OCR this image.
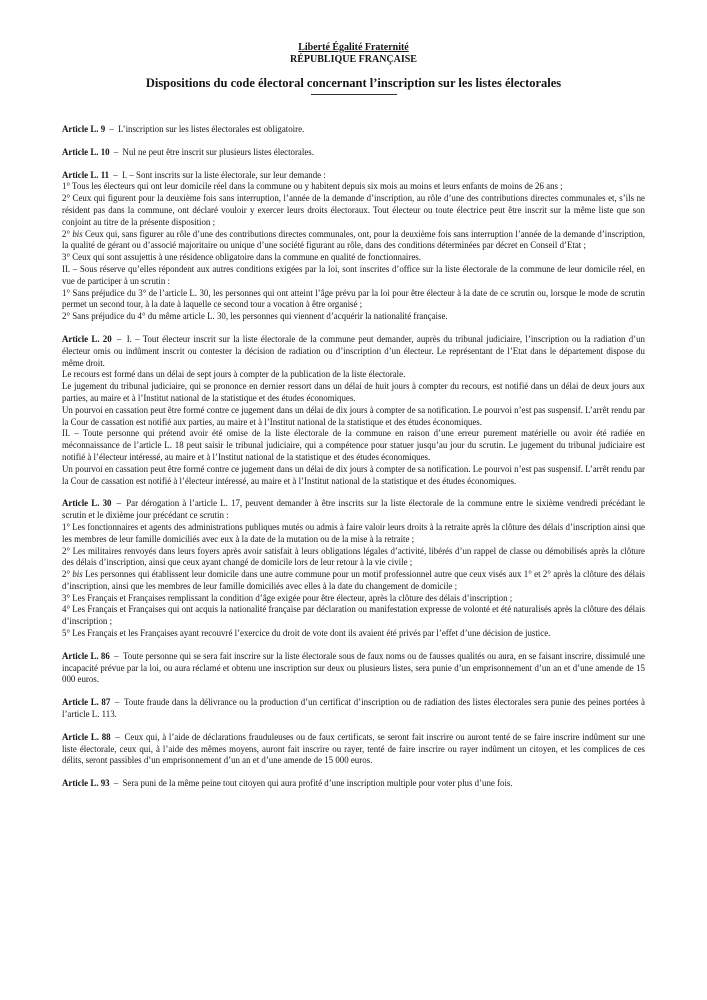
Liberté Égalité Fraternité
RÉPUBLIQUE FRANÇAISE
Dispositions du code électoral concernant l’inscription sur les listes électorales

Article L. 9 – L’inscription sur les listes électorales est obligatoire.

Article L. 10 – Nul ne peut être inscrit sur plusieurs listes électorales.

Article L. 11 – I. – Sont inscrits sur la liste électorale, sur leur demande :

1° Tous les électeurs qui ont leur domicile réel dans la commune ou y habitent depuis six mois au moins et leurs enfants de moins de 26 ans ;

2° Ceux qui figurent pour la deuxième fois sans interruption, l’année de la demande d’inscription, au rôle d’une des contributions directes communales et, s’ils ne résident pas dans la commune, ont déclaré vouloir y exercer leurs droits électoraux. Tout électeur ou toute électrice peut être inscrit sur la même liste que son conjoint au titre de la présente disposition ;

2° bis Ceux qui, sans figurer au rôle d’une des contributions directes communales, ont, pour la deuxième fois sans interruption l’année de la demande d’inscription, la qualité de gérant ou d’associé majoritaire ou unique d’une société figurant au rôle, dans des conditions déterminées par décret en Conseil d’Etat ;

3° Ceux qui sont assujettis à une résidence obligatoire dans la commune en qualité de fonctionnaires.

II. – Sous réserve qu’elles répondent aux autres conditions exigées par la loi, sont inscrites d’office sur la liste électorale de la commune de leur domicile réel, en vue de participer à un scrutin :

1° Sans préjudice du 3° de l’article L. 30, les personnes qui ont atteint l’âge prévu par la loi pour être électeur à la date de ce scrutin ou, lorsque le mode de scrutin permet un second tour, à la date à laquelle ce second tour a vocation à être organisé ;

2° Sans préjudice du 4° du même article L. 30, les personnes qui viennent d’acquérir la nationalité française.

Article L. 20 – I. – Tout électeur inscrit sur la liste électorale de la commune peut demander, auprès du tribunal judiciaire, l’inscription ou la radiation d’un électeur omis ou indûment inscrit ou contester la décision de radiation ou d’inscription d’un électeur. Le représentant de l’Etat dans le département dispose du même droit.

Le recours est formé dans un délai de sept jours à compter de la publication de la liste électorale.

Le jugement du tribunal judiciaire, qui se prononce en dernier ressort dans un délai de huit jours à compter du recours, est notifié dans un délai de deux jours aux parties, au maire et à l’Institut national de la statistique et des études économiques.

Un pourvoi en cassation peut être formé contre ce jugement dans un délai de dix jours à compter de sa notification. Le pourvoi n’est pas suspensif. L’arrêt rendu par la Cour de cassation est notifié aux parties, au maire et à l’Institut national de la statistique et des études économiques.

II. – Toute personne qui prétend avoir été omise de la liste électorale de la commune en raison d’une erreur purement matérielle ou avoir été radiée en méconnaissance de l’article L. 18 peut saisir le tribunal judiciaire, qui a compétence pour statuer jusqu’au jour du scrutin. Le jugement du tribunal judiciaire est notifié à l’électeur intéressé, au maire et à l’Institut national de la statistique et des études économiques.

Un pourvoi en cassation peut être formé contre ce jugement dans un délai de dix jours à compter de sa notification. Le pourvoi n’est pas suspensif. L’arrêt rendu par la Cour de cassation est notifié à l’électeur intéressé, au maire et à l’Institut national de la statistique et des études économiques.

Article L. 30 – Par dérogation à l’article L. 17, peuvent demander à être inscrits sur la liste électorale de la commune entre le sixième vendredi précédant le scrutin et le dixième jour précédant ce scrutin :

1° Les fonctionnaires et agents des administrations publiques mutés ou admis à faire valoir leurs droits à la retraite après la clôture des délais d’inscription ainsi que les membres de leur famille domiciliés avec eux à la date de la mutation ou de la mise à la retraite ;

2° Les militaires renvoyés dans leurs foyers après avoir satisfait à leurs obligations légales d’activité, libérés d’un rappel de classe ou démobilisés après la clôture des délais d’inscription, ainsi que ceux ayant changé de domicile lors de leur retour à la vie civile ;

2° bis Les personnes qui établissent leur domicile dans une autre commune pour un motif professionnel autre que ceux visés aux 1° et 2° après la clôture des délais d’inscription, ainsi que les membres de leur famille domiciliés avec elles à la date du changement de domicile ;

3° Les Français et Françaises remplissant la condition d’âge exigée pour être électeur, après la clôture des délais d’inscription ;

4° Les Français et Françaises qui ont acquis la nationalité française par déclaration ou manifestation expresse de volonté et été naturalisés après la clôture des délais d’inscription ;

5° Les Français et les Françaises ayant recouvré l’exercice du droit de vote dont ils avaient été privés par l’effet d’une décision de justice.

Article L. 86 – Toute personne qui se sera fait inscrire sur la liste électorale sous de faux noms ou de fausses qualités ou aura, en se faisant inscrire, dissimulé une incapacité prévue par la loi, ou aura réclamé et obtenu une inscription sur deux ou plusieurs listes, sera punie d’un emprisonnement d’un an et d’une amende de 15 000 euros.

Article L. 87 – Toute fraude dans la délivrance ou la production d’un certificat d’inscription ou de radiation des listes électorales sera punie des peines portées à l’article L. 113.

Article L. 88 – Ceux qui, à l’aide de déclarations frauduleuses ou de faux certificats, se seront fait inscrire ou auront tenté de se faire inscrire indûment sur une liste électorale, ceux qui, à l’aide des mêmes moyens, auront fait inscrire ou rayer, tenté de faire inscrire ou rayer indûment un citoyen, et les complices de ces délits, seront passibles d’un emprisonnement d’un an et d’une amende de 15 000 euros.

Article L. 93 – Sera puni de la même peine tout citoyen qui aura profité d’une inscription multiple pour voter plus d’une fois.
